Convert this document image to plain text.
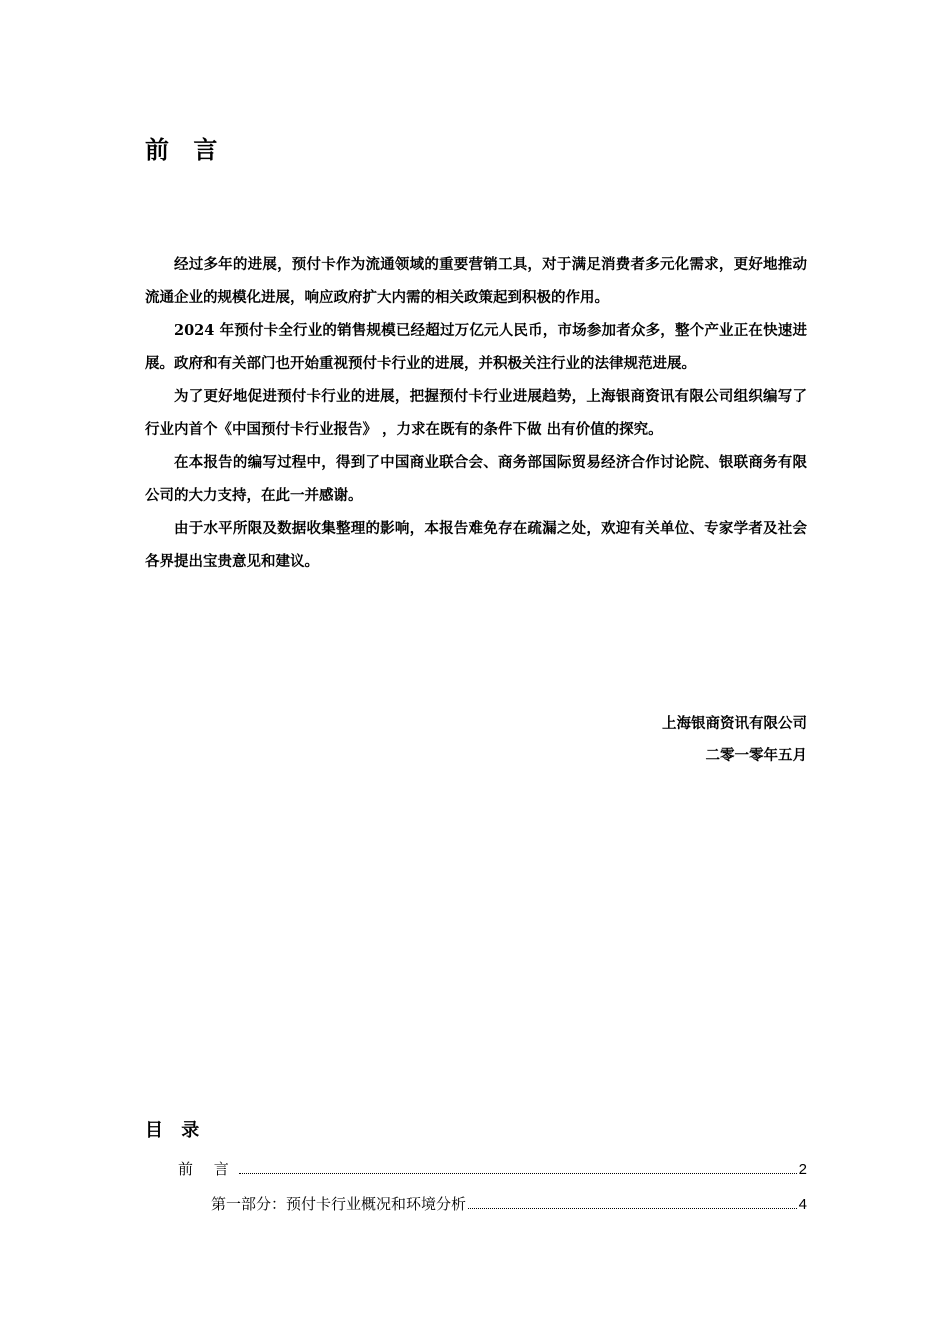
前 言

经过多年的进展，预付卡作为流通领域的重要营销工具，对于满足消费者多元化需求，更好地推动流通企业的规模化进展，响应政府扩大内需的相关政策起到积极的作用。

2024 年预付卡全行业的销售规模已经超过万亿元人民币，市场参加者众多，整个产业正在快速进展。政府和有关部门也开始重视预付卡行业的进展，并积极关注行业的法律规范进展。

为了更好地促进预付卡行业的进展，把握预付卡行业进展趋势，上海银商资讯有限公司组织编写了行业内首个《中国预付卡行业报告》 ，力求在既有的条件下做 出有价值的探究。

在本报告的编写过程中，得到了中国商业联合会、商务部国际贸易经济合作讨论院、银联商务有限公司的大力支持，在此一并感谢。

由于水平所限及数据收集整理的影响，本报告难免存在疏漏之处，欢迎有关单位、专家学者及社会各界提出宝贵意见和建议。

上海银商资讯有限公司
二零一零年五月
目 录
前 言	2
第一部分：预付卡行业概况和环境分析	4
